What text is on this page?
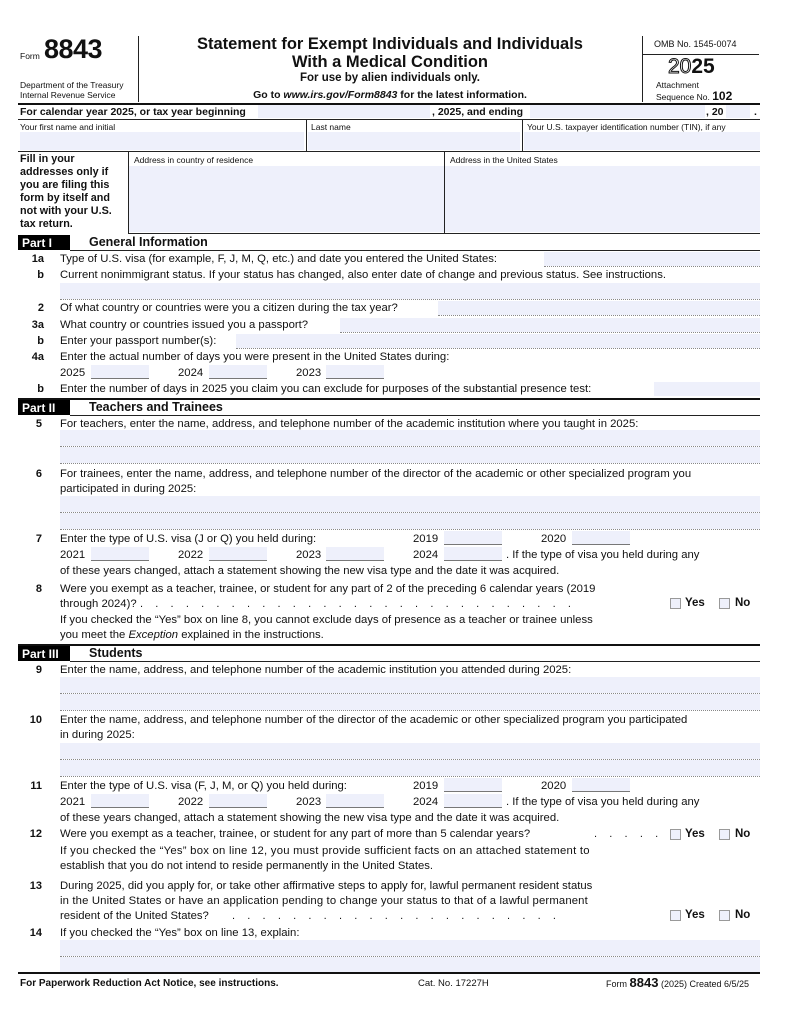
Form 8843
Department of the Treasury
Internal Revenue Service
Statement for Exempt Individuals and Individuals
With a Medical Condition
For use by alien individuals only.
Go to www.irs.gov/Form8843 for the latest information.
OMB No. 1545-0074
2025
Attachment
Sequence No. 102
For calendar year 2025, or tax year beginning	, 2025, and ending	, 20	.
Your first name and initial	Last name	Your U.S. taxpayer identification number (TIN), if any
Fill in your
addresses only if
you are filing this
form by itself and
not with your U.S.
tax return.
Address in country of residence	Address in the United States
Part I	General Information
1a Type of U.S. visa (for example, F, J, M, Q, etc.) and date you entered the United States:
b Current nonimmigrant status. If your status has changed, also enter date of change and previous status. See instructions.
2 Of what country or countries were you a citizen during the tax year?
3a What country or countries issued you a passport?
b Enter your passport number(s):
4a Enter the actual number of days you were present in the United States during:
2025	2024	2023
b Enter the number of days in 2025 you claim you can exclude for purposes of the substantial presence test:
Part II	Teachers and Trainees
5 For teachers, enter the name, address, and telephone number of the academic institution where you taught in 2025:
6 For trainees, enter the name, address, and telephone number of the director of the academic or other specialized program you
participated in during 2025:
7 Enter the type of U.S. visa (J or Q) you held during:	2019	2020
2021	2022	2023	2024	. If the type of visa you held during any
of these years changed, attach a statement showing the new visa type and the date it was acquired.
8 Were you exempt as a teacher, trainee, or student for any part of 2 of the preceding 6 calendar years (2019
through 2024)? .    .    .    .    .    .    .    .    .    .    .    .    .    .    .    .    .    .    .    .    .    .    .    .    .    .    .    .    .	Yes	No
If you checked the “Yes” box on line 8, you cannot exclude days of presence as a teacher or trainee unless
you meet the Exception explained in the instructions.
Part III	Students
9 Enter the name, address, and telephone number of the academic institution you attended during 2025:
10 Enter the name, address, and telephone number of the director of the academic or other specialized program you participated
in during 2025:
11 Enter the type of U.S. visa (F, J, M, or Q) you held during:	2019	2020
2021	2022	2023	2024	. If the type of visa you held during any
of these years changed, attach a statement showing the new visa type and the date it was acquired.
12 Were you exempt as a teacher, trainee, or student for any part of more than 5 calendar years?	.    .    .    .    . Yes	No
If you checked the “Yes” box on line 12, you must provide sufficient facts on an attached statement to
establish that you do not intend to reside permanently in the United States.
13 During 2025, did you apply for, or take other affirmative steps to apply for, lawful permanent resident status
in the United States or have an application pending to change your status to that of a lawful permanent
resident of the United States? .    .    .    .    .    .    .    .    .    .    .    .    .    .    .    .    .    .    .    .    .    .	Yes	No
14 If you checked the “Yes” box on line 13, explain:
For Paperwork Reduction Act Notice, see instructions.	Cat. No. 17227H	Form 8843 (2025) Created 6/5/25
